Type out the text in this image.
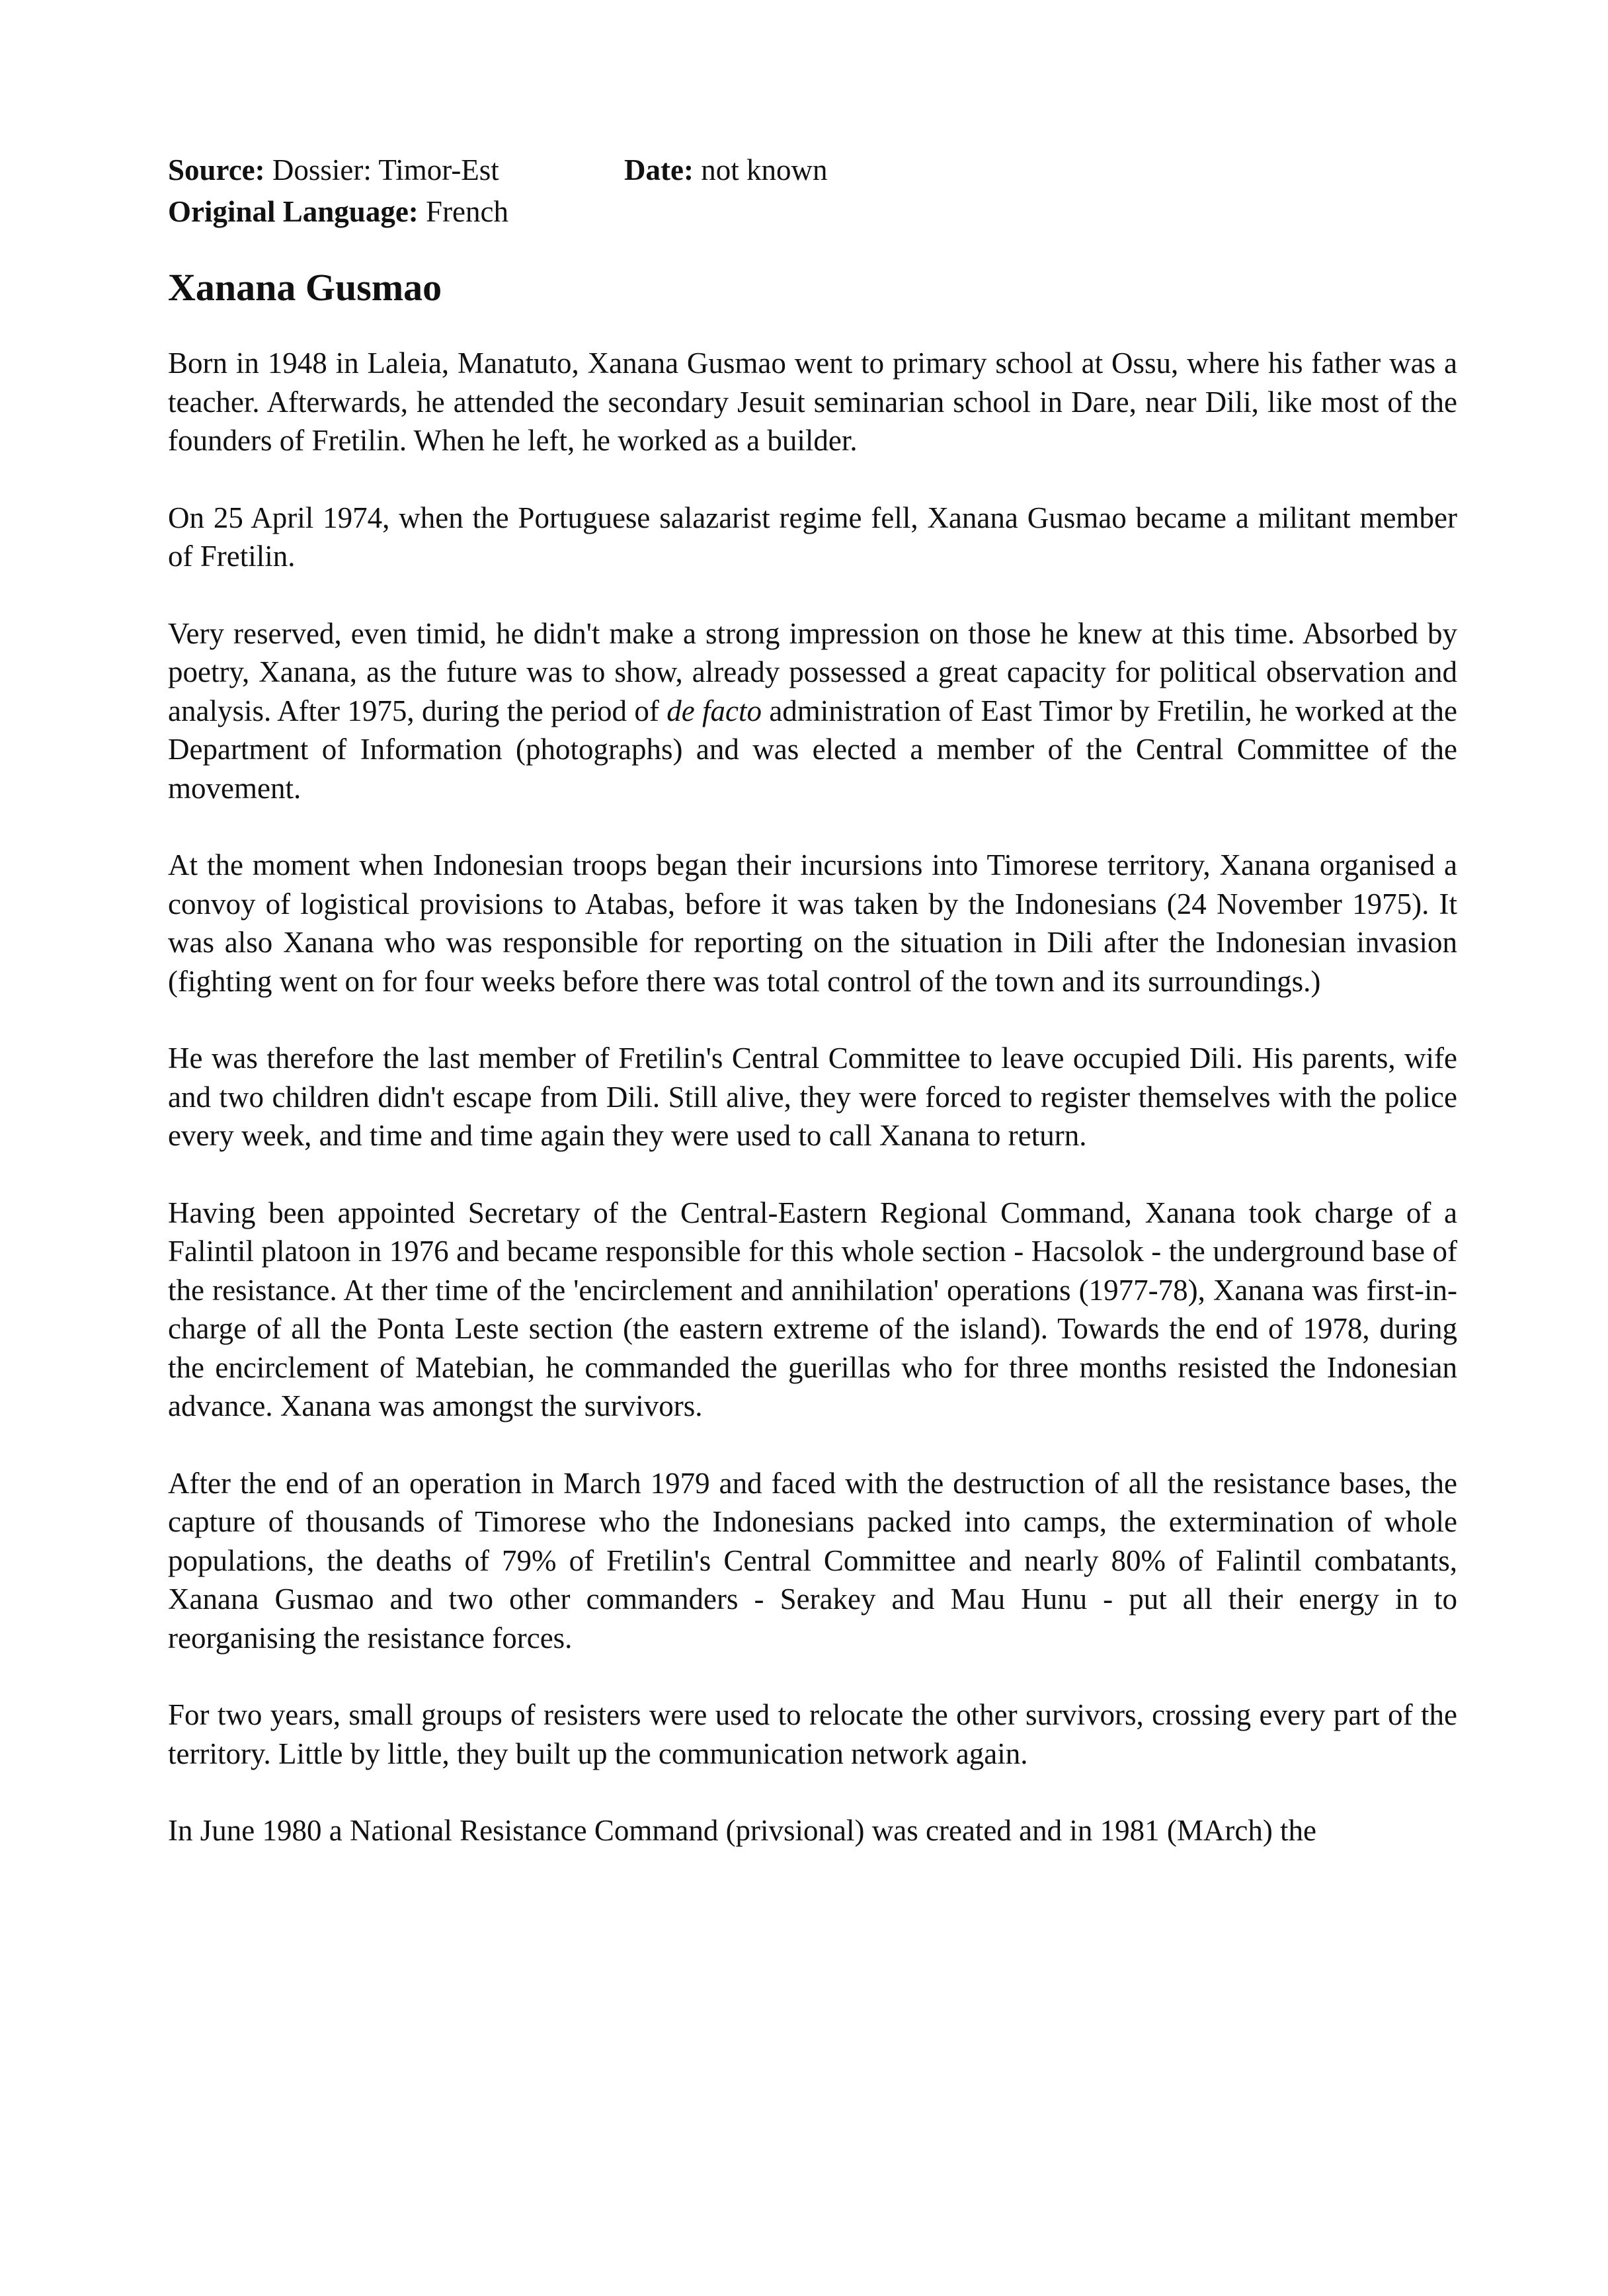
Source: Dossier: Timor-Est
Original Language: French
Date: not known
Xanana Gusmao

Born in 1948 in Laleia, Manatuto, Xanana Gusmao went to primary school at Ossu, where his father was a teacher. Afterwards, he attended the secondary Jesuit seminarian school in Dare, near Dili, like most of the founders of Fretilin. When he left, he worked as a builder.

On 25 April 1974, when the Portuguese salazarist regime fell, Xanana Gusmao became a militant member of Fretilin.

Very reserved, even timid, he didn't make a strong impression on those he knew at this time. Absorbed by poetry, Xanana, as the future was to show, already possessed a great capacity for political observation and analysis. After 1975, during the period of de facto administration of East Timor by Fretilin, he worked at the Department of Information (photographs) and was elected a member of the Central Committee of the movement.

At the moment when Indonesian troops began their incursions into Timorese territory, Xanana organised a convoy of logistical provisions to Atabas, before it was taken by the Indonesians (24 November 1975). It was also Xanana who was responsible for reporting on the situation in Dili after the Indonesian invasion (fighting went on for four weeks before there was total control of the town and its surroundings.)

He was therefore the last member of Fretilin's Central Committee to leave occupied Dili. His parents, wife and two children didn't escape from Dili. Still alive, they were forced to register themselves with the police every week, and time and time again they were used to call Xanana to return.

Having been appointed Secretary of the Central-Eastern Regional Command, Xanana took charge of a Falintil platoon in 1976 and became responsible for this whole section - Hacsolok - the underground base of the resistance. At ther time of the 'encirclement and annihilation' operations (1977-78), Xanana was first-in-charge of all the Ponta Leste section (the eastern extreme of the island). Towards the end of 1978, during the encirclement of Matebian, he commanded the guerillas who for three months resisted the Indonesian advance. Xanana was amongst the survivors.

After the end of an operation in March 1979 and faced with the destruction of all the resistance bases, the capture of thousands of Timorese who the Indonesians packed into camps, the extermination of whole populations, the deaths of 79% of Fretilin's Central Committee and nearly 80% of Falintil combatants, Xanana Gusmao and two other commanders - Serakey and Mau Hunu - put all their energy in to reorganising the resistance forces.

For two years, small groups of resisters were used to relocate the other survivors, crossing every part of the territory. Little by little, they built up the communication network again.

In June 1980 a National Resistance Command (privsional) was created and in 1981 (MArch) the
